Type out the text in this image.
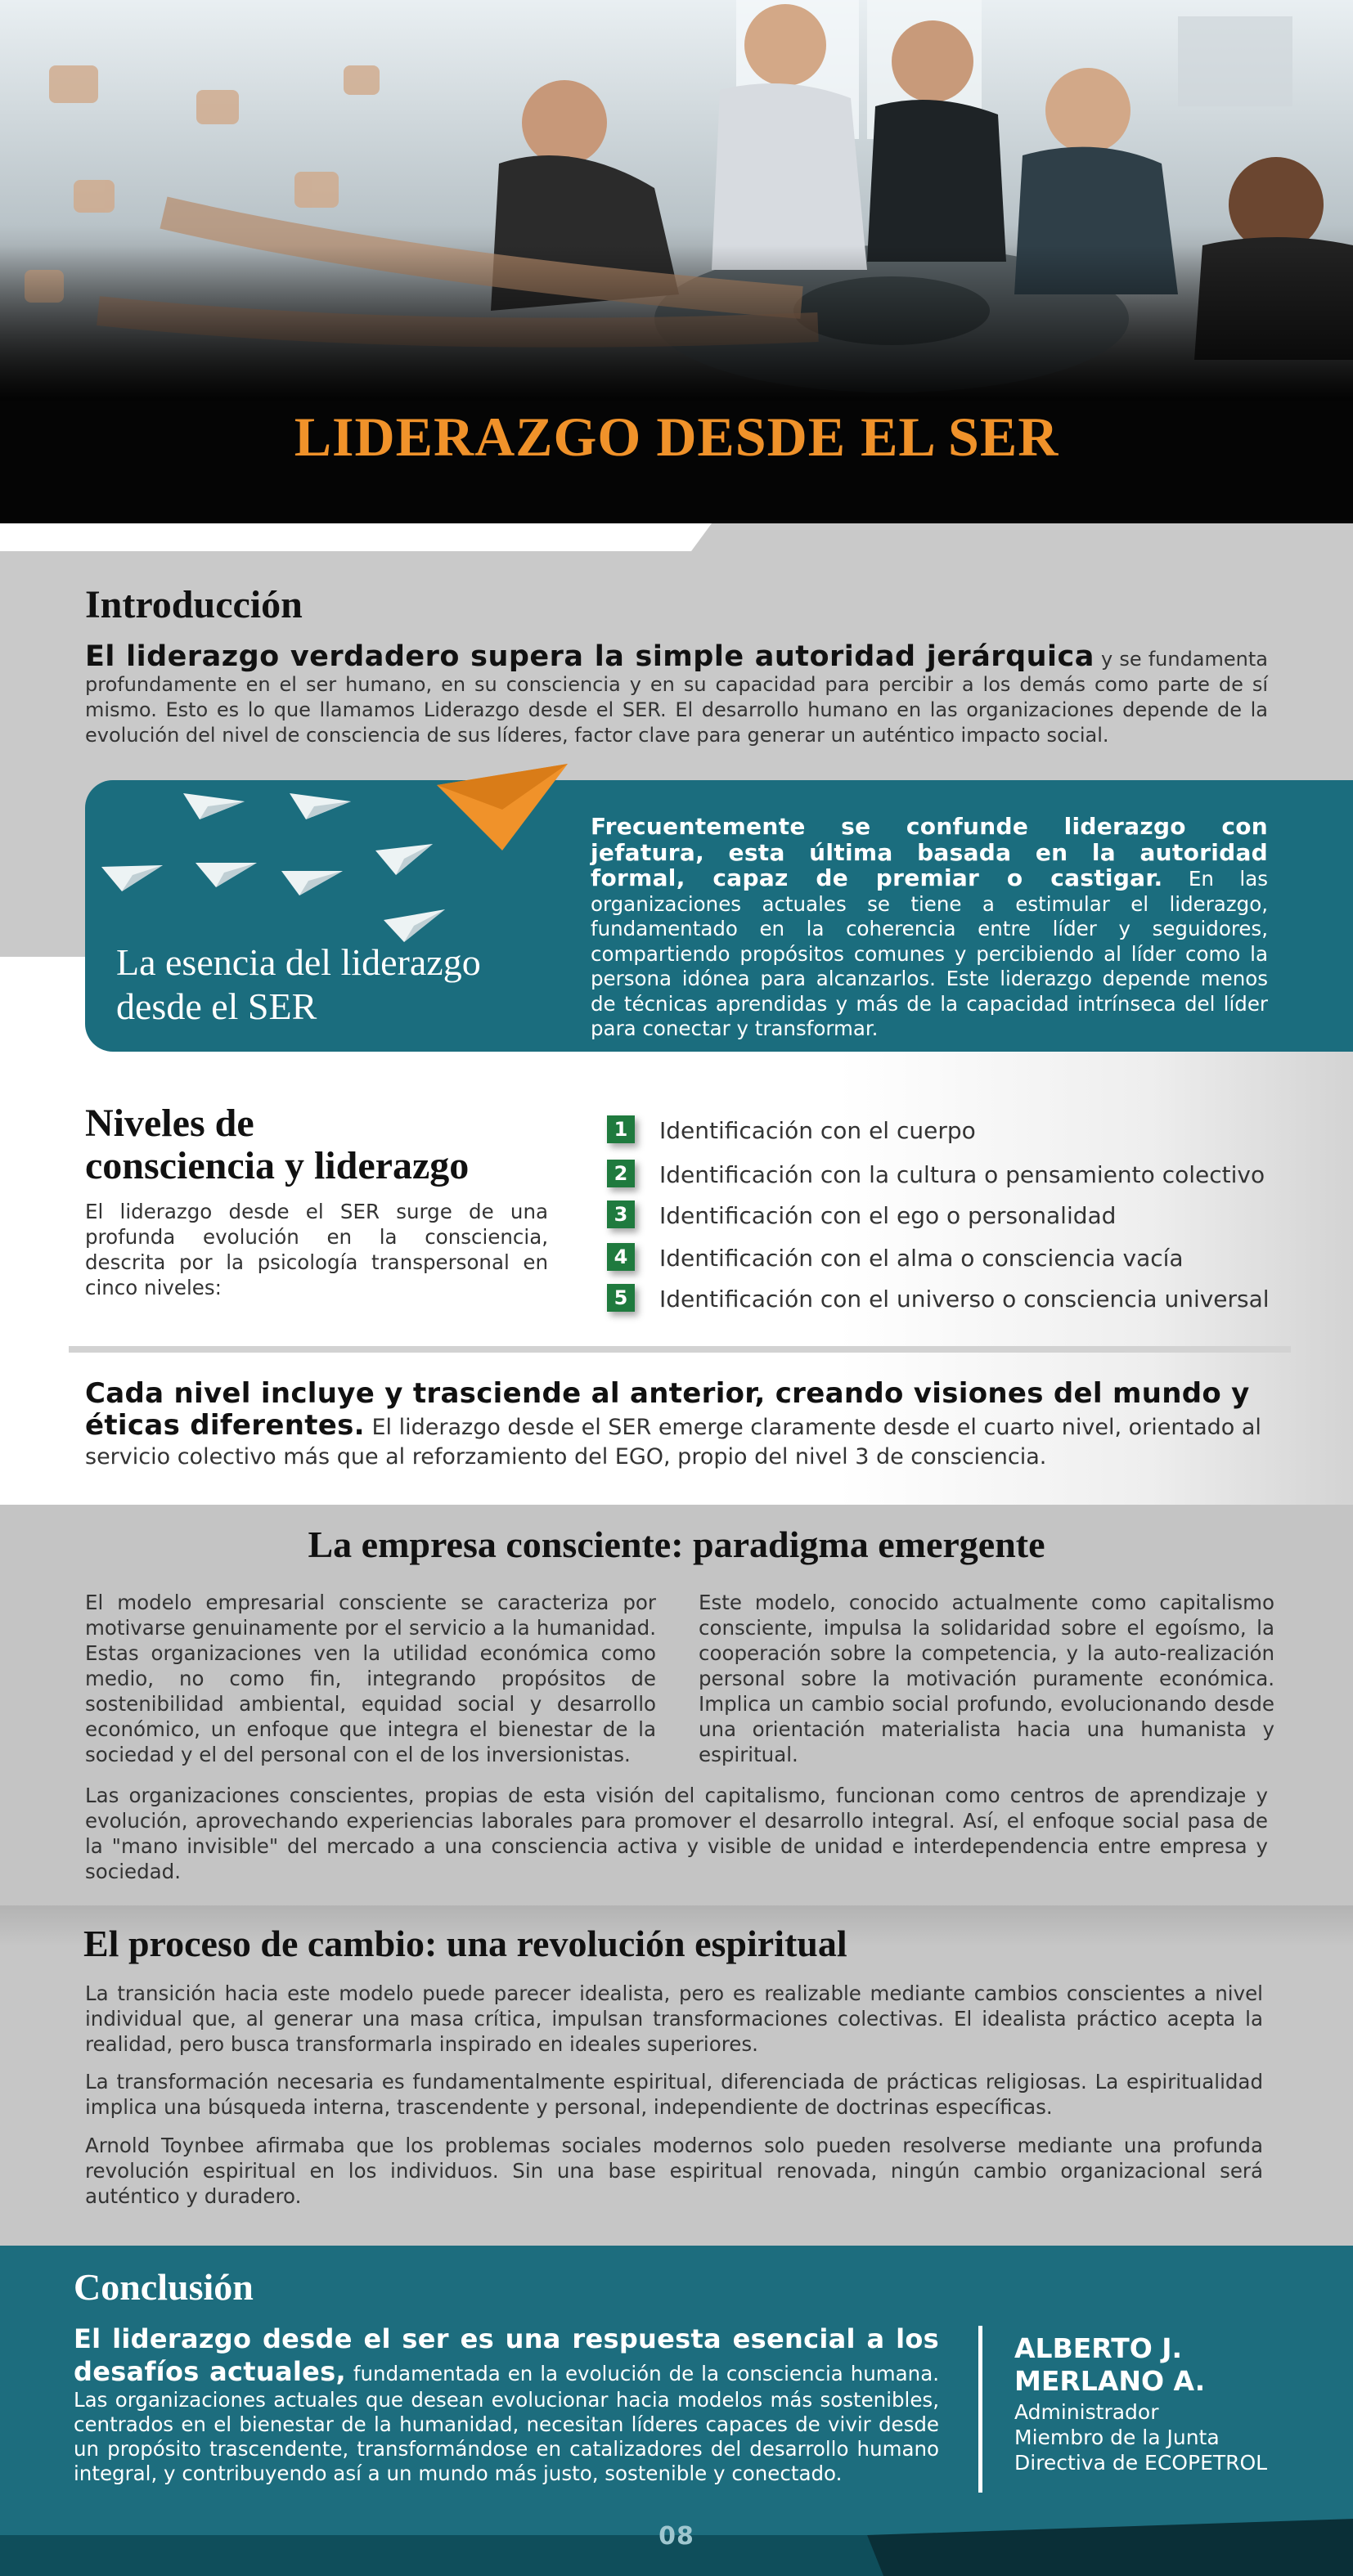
LIDERAZGO DESDE EL SER
Introducción
El liderazgo verdadero supera la simple autoridad jerárquica y se fundamenta profundamente en el ser humano, en su consciencia y en su capacidad para percibir a los demás como parte de sí mismo. Esto es lo que llamamos Liderazgo desde el SER. El desarrollo humano en las organizaciones depende de la evolución del nivel de consciencia de sus líderes, factor clave para generar un auténtico impacto social.
La esencia del liderazgo desde el SER
Frecuentemente se confunde liderazgo con jefatura, esta última basada en la autoridad formal, capaz de premiar o castigar. En las organizaciones actuales se tiene a estimular el liderazgo, fundamentado en la coherencia entre líder y seguidores, compartiendo propósitos comunes y percibiendo al líder como la persona idónea para alcanzarlos. Este liderazgo depende menos de técnicas aprendidas y más de la capacidad intrínseca del líder para conectar y transformar.
Niveles de
consciencia y liderazgo
El liderazgo desde el SER surge de una profunda evolución en la consciencia, descrita por la psicología transpersonal en cinco niveles:
1	Identificación con el cuerpo
2	Identificación con la cultura o pensamiento colectivo
3	Identificación con el ego o personalidad
4	Identificación con el alma o consciencia vacía
5	Identificación con el universo o consciencia universal
Cada nivel incluye y trasciende al anterior, creando visiones del mundo y éticas diferentes. El liderazgo desde el SER emerge claramente desde el cuarto nivel, orientado al servicio colectivo más que al reforzamiento del EGO, propio del nivel 3 de consciencia.
La empresa consciente: paradigma emergente
El modelo empresarial consciente se caracteriza por motivarse genuinamente por el servicio a la humanidad. Estas organizaciones ven la utilidad económica como medio, no como fin, integrando propósitos de sostenibilidad ambiental, equidad social y desarrollo económico, un enfoque que integra el bienestar de la sociedad y el del personal con el de los inversionistas.
Este modelo, conocido actualmente como capitalismo consciente, impulsa la solidaridad sobre el egoísmo, la cooperación sobre la competencia, y la auto-realización personal sobre la motivación puramente económica. Implica un cambio social profundo, evolucionando desde una orientación materialista hacia una humanista y espiritual.
Las organizaciones conscientes, propias de esta visión del capitalismo, funcionan como centros de aprendizaje y evolución, aprovechando experiencias laborales para promover el desarrollo integral. Así, el enfoque social pasa de la "mano invisible" del mercado a una consciencia activa y visible de unidad e interdependencia entre empresa y sociedad.
El proceso de cambio: una revolución espiritual
La transición hacia este modelo puede parecer idealista, pero es realizable mediante cambios conscientes a nivel individual que, al generar una masa crítica, impulsan transformaciones colectivas. El idealista práctico acepta la realidad, pero busca transformarla inspirado en ideales superiores.
La transformación necesaria es fundamentalmente espiritual, diferenciada de prácticas religiosas. La espiritualidad implica una búsqueda interna, trascendente y personal, independiente de doctrinas específicas.
Arnold Toynbee afirmaba que los problemas sociales modernos solo pueden resolverse mediante una profunda revolución espiritual en los individuos. Sin una base espiritual renovada, ningún cambio organizacional será auténtico y duradero.
Conclusión
El liderazgo desde el ser es una respuesta esencial a los desafíos actuales, fundamentada en la evolución de la consciencia humana. Las organizaciones actuales que desean evolucionar hacia modelos más sostenibles, centrados en el bienestar de la humanidad, necesitan líderes capaces de vivir desde un propósito trascendente, transformándose en catalizadores del desarrollo humano integral, y contribuyendo así a un mundo más justo, sostenible y conectado.
ALBERTO J.
MERLANO A.
Administrador
Miembro de la Junta
Directiva de ECOPETROL
08
